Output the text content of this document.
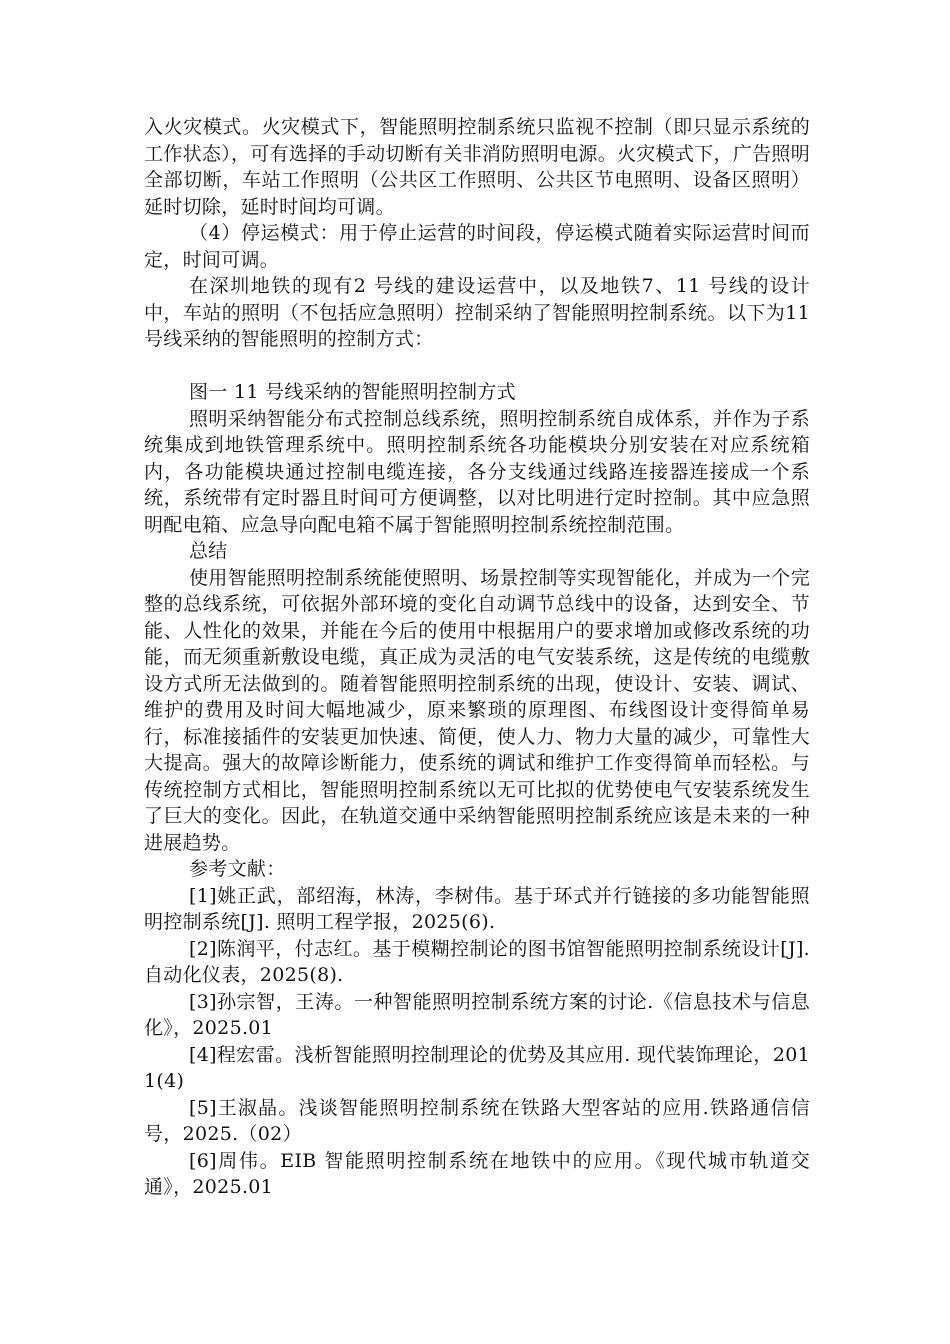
入火灾模式。火灾模式下，智能照明控制系统只监视不控制（即只显示系统的工作状态），可有选择的手动切断有关非消防照明电源。火灾模式下，广告照明全部切断，车站工作照明（公共区工作照明、公共区节电照明、设备区照明）延时切除，延时时间均可调。

（4）停运模式：用于停止运营的时间段，停运模式随着实际运营时间而定，时间可调。

在深圳地铁的现有2 号线的建设运营中，以及地铁7、11 号线的设计中，车站的照明（不包括应急照明）控制采纳了智能照明控制系统。以下为11 号线采纳的智能照明的控制方式：

图一 11 号线采纳的智能照明控制方式

照明采纳智能分布式控制总线系统，照明控制系统自成体系，并作为子系统集成到地铁管理系统中。照明控制系统各功能模块分别安装在对应系统箱内，各功能模块通过控制电缆连接，各分支线通过线路连接器连接成一个系统，系统带有定时器且时间可方便调整，以对比明进行定时控制。其中应急照明配电箱、应急导向配电箱不属于智能照明控制系统控制范围。

总结

使用智能照明控制系统能使照明、场景控制等实现智能化，并成为一个完整的总线系统，可依据外部环境的变化自动调节总线中的设备，达到安全、节能、人性化的效果，并能在今后的使用中根据用户的要求增加或修改系统的功能，而无须重新敷设电缆，真正成为灵活的电气安装系统，这是传统的电缆敷设方式所无法做到的。随着智能照明控制系统的出现，使设计、安装、调试、维护的费用及时间大幅地减少，原来繁琐的原理图、布线图设计变得简单易行，标准接插件的安装更加快速、简便，使人力、物力大量的减少，可靠性大大提高。强大的故障诊断能力，使系统的调试和维护工作变得简单而轻松。与传统控制方式相比，智能照明控制系统以无可比拟的优势使电气安装系统发生了巨大的变化。因此，在轨道交通中采纳智能照明控制系统应该是未来的一种进展趋势。

参考文献：

[1]姚正武，部绍海，林涛，李树伟。基于环式并行链接的多功能智能照明控制系统[J]. 照明工程学报，2025(6).

[2]陈润平，付志红。基于模糊控制论的图书馆智能照明控制系统设计[J]. 自动化仪表，2025(8).

[3]孙宗智，王涛。一种智能照明控制系统方案的讨论.《信息技术与信息化》，2025.01

[4]程宏雷。浅析智能照明控制理论的优势及其应用. 现代装饰理论，201 1(4)

[5]王淑晶。浅谈智能照明控制系统在铁路大型客站的应用.铁路通信信号，2025.（02）

[6]周伟。EIB 智能照明控制系统在地铁中的应用。《现代城市轨道交通》，2025.01
